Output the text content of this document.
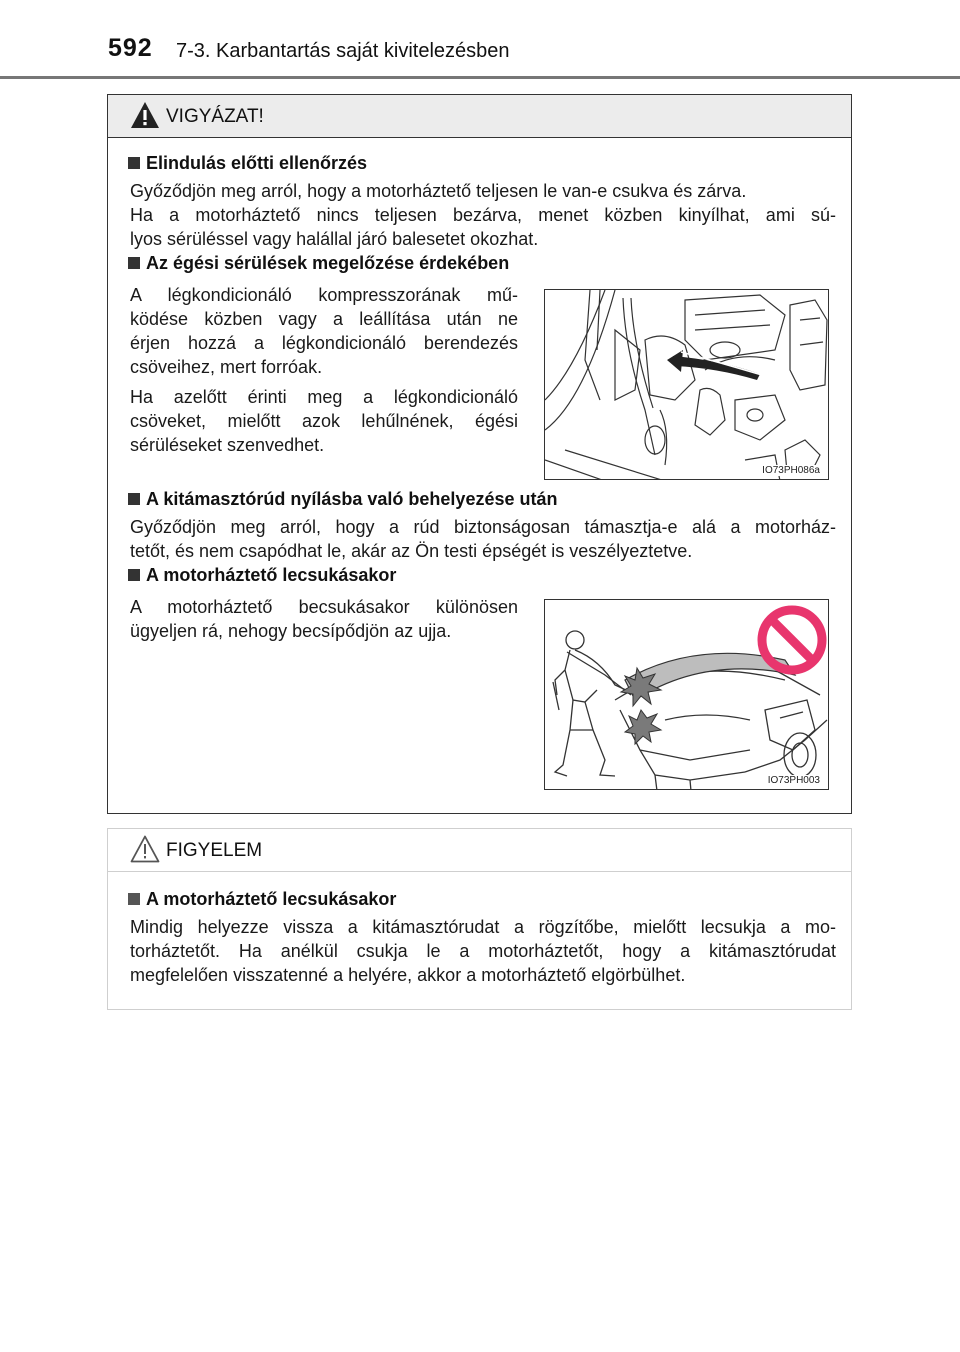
592 7-3. Karbantartás saját kivitelezésben
VIGYÁZAT!
Elindulás előtti ellenőrzés
Győződjön meg arról, hogy a motorháztető teljesen le van-e csukva és zárva.
Ha a motorháztető nincs teljesen bezárva, menet közben kinyílhat, ami sú-
lyos sérüléssel vagy halállal járó balesetet okozhat.
Az égési sérülések megelőzése érdekében
A légkondicionáló kompresszorának mű-
ködése közben vagy a leállítása után ne
érjen hozzá a légkondicionáló berendezés
csöveihez, mert forróak.
Ha azelőtt érinti meg a légkondicionáló
csöveket, mielőtt azok lehűlnének, égési
sérüléseket szenvedhet.
IO73PH086a
A kitámasztórúd nyílásba való behelyezése után
Győződjön meg arról, hogy a rúd biztonságosan támasztja-e alá a motorház-
tetőt, és nem csapódhat le, akár az Ön testi épségét is veszélyeztetve.
A motorháztető lecsukásakor
A motorháztető becsukásakor különösen
ügyeljen rá, nehogy becsípődjön az ujja.
IO73PH003
FIGYELEM
A motorháztető lecsukásakor
Mindig helyezze vissza a kitámasztórudat a rögzítőbe, mielőtt lecsukja a mo-
torháztetőt. Ha anélkül csukja le a motorháztetőt, hogy a kitámasztórudat
megfelelően visszatenné a helyére, akkor a motorháztető elgörbülhet.
